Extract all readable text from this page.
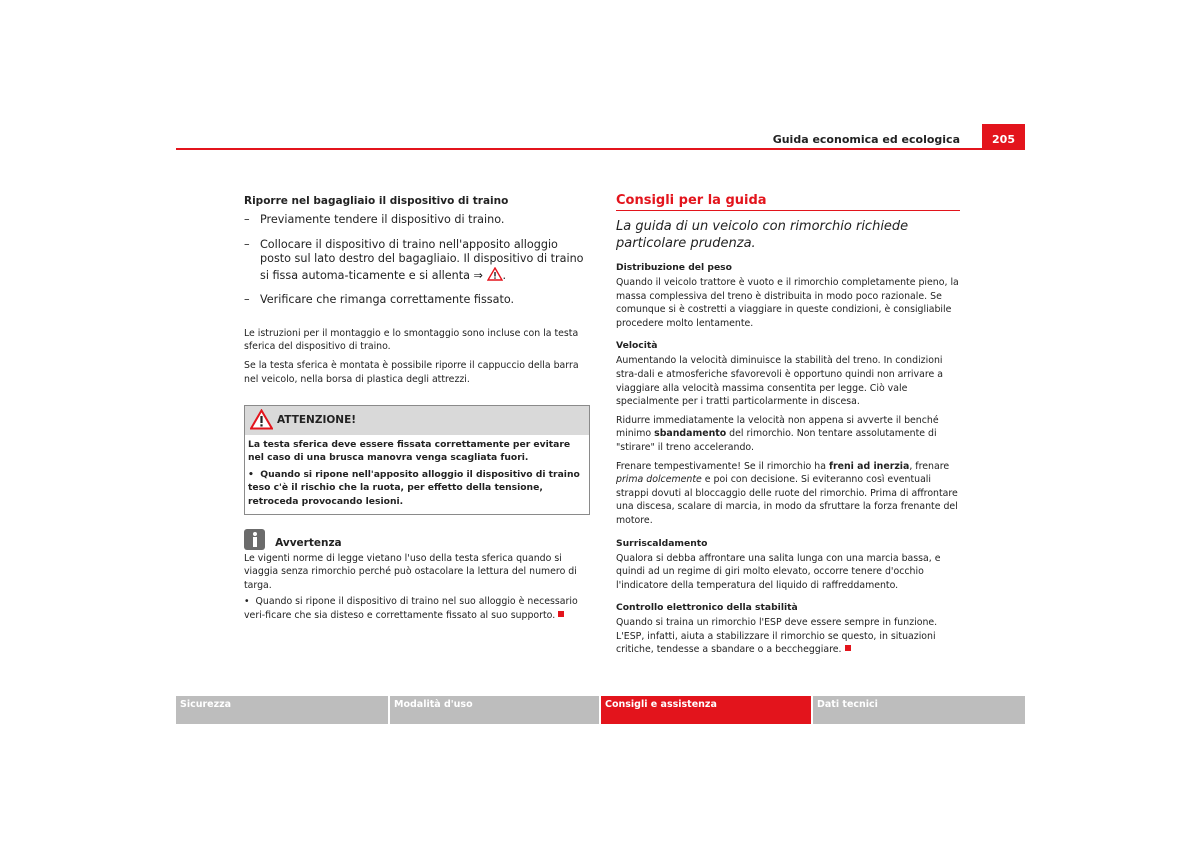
Guida economica ed ecologica	205
Riporre nel bagagliaio il dispositivo di traino
– Previamente tendere il dispositivo di traino.
– Collocare il dispositivo di traino nell'apposito alloggio posto sul lato destro del bagagliaio. Il dispositivo di traino si fissa automa-ticamente e si allenta ⇒ .
– Verificare che rimanga correttamente fissato.

Le istruzioni per il montaggio e lo smontaggio sono incluse con la testa sferica del dispositivo di traino.

Se la testa sferica è montata è possibile riporre il cappuccio della barra nel veicolo, nella borsa di plastica degli attrezzi.

ATTENZIONE!

La testa sferica deve essere fissata correttamente per evitare nel caso di una brusca manovra venga scagliata fuori.

• Quando si ripone nell'apposito alloggio il dispositivo di traino teso c'è il rischio che la ruota, per effetto della tensione, retroceda provocando lesioni.

Avvertenza

Le vigenti norme di legge vietano l'uso della testa sferica quando si viaggia senza rimorchio perché può ostacolare la lettura del numero di targa.

• Quando si ripone il dispositivo di traino nel suo alloggio è necessario veri-ficare che sia disteso e correttamente fissato al suo supporto.

Consigli per la guida

La guida di un veicolo con rimorchio richiede particolare prudenza.

Distribuzione del peso

Quando il veicolo trattore è vuoto e il rimorchio completamente pieno, la massa complessiva del treno è distribuita in modo poco razionale. Se comunque si è costretti a viaggiare in queste condizioni, è consigliabile procedere molto lentamente.

Velocità

Aumentando la velocità diminuisce la stabilità del treno. In condizioni stra-dali e atmosferiche sfavorevoli è opportuno quindi non arrivare a viaggiare alla velocità massima consentita per legge. Ciò vale specialmente per i tratti particolarmente in discesa.

Ridurre immediatamente la velocità non appena si avverte il benché minimo sbandamento del rimorchio. Non tentare assolutamente di "stirare" il treno accelerando.

Frenare tempestivamente! Se il rimorchio ha freni ad inerzia, frenare prima dolcemente e poi con decisione. Si eviteranno così eventuali strappi dovuti al bloccaggio delle ruote del rimorchio. Prima di affrontare una discesa, scalare di marcia, in modo da sfruttare la forza frenante del motore.

Surriscaldamento

Qualora si debba affrontare una salita lunga con una marcia bassa, e quindi ad un regime di giri molto elevato, occorre tenere d'occhio l'indicatore della temperatura del liquido di raffreddamento.

Controllo elettronico della stabilità

Quando si traina un rimorchio l'ESP deve essere sempre in funzione. L'ESP, infatti, aiuta a stabilizzare il rimorchio se questo, in situazioni critiche, tendesse a sbandare o a beccheggiare.

Sicurezza	Modalità d'uso	Consigli e assistenza	Dati tecnici
